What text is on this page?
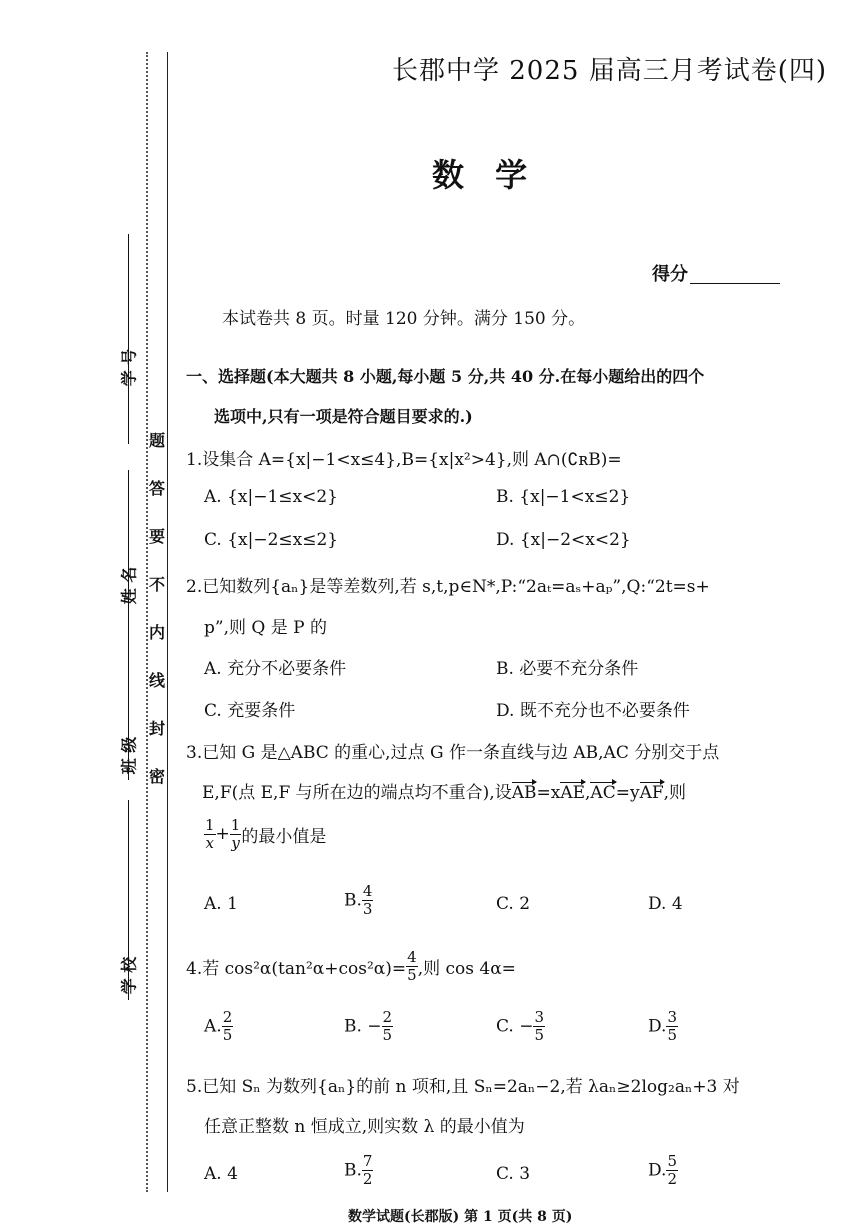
题
答
要
不
内
线
封
密
学 号
姓 名
班 级
学 校
长郡中学 2025 届高三月考试卷(四)
数 学
得分
本试卷共 8 页。时量 120 分钟。满分 150 分。
一、选择题(本大题共 8 小题,每小题 5 分,共 40 分.在每小题给出的四个
选项中,只有一项是符合题目要求的.)
1.设集合 A={x|−1<x≤4},B={x|x²>4},则 A∩(∁ʀB)=
A. {x|−1≤x<2}	B. {x|−1<x≤2}
C. {x|−2≤x≤2}	D. {x|−2<x<2}
2.已知数列{aₙ}是等差数列,若 s,t,p∈N*,P:“2aₜ=aₛ+aₚ”,Q:“2t=s+
p”,则 Q 是 P 的
A. 充分不必要条件	B. 必要不充分条件
C. 充要条件	D. 既不充分也不必要条件
3.已知 G 是△ABC 的重心,过点 G 作一条直线与边 AB,AC 分别交于点
E,F(点 E,F 与所在边的端点均不重合),设AB=xAE,AC=yAF,则
$\frac{1}{x} + \frac{1}{y}$ 的最小值是
A. 1	B. $\frac{4}{3}$	C. 2	D. 4
4.若 $\cos^2\alpha(\tan^2\alpha+\cos^2\alpha)= \frac{4}{5}$ ,则 cos 4α=
A. $\frac{2}{5}$	B. − $\frac{2}{5}$	C. − $\frac{3}{5}$	D. $\frac{3}{5}$
5.已知 Sₙ 为数列{aₙ}的前 n 项和,且 Sₙ=2aₙ−2,若 λaₙ≥2log₂aₙ+3 对
任意正整数 n 恒成立,则实数 λ 的最小值为
A. 4	B. $\frac{7}{2}$	C. 3	D. $\frac{5}{2}$
数学试题(长郡版) 第 1 页(共 8 页)
